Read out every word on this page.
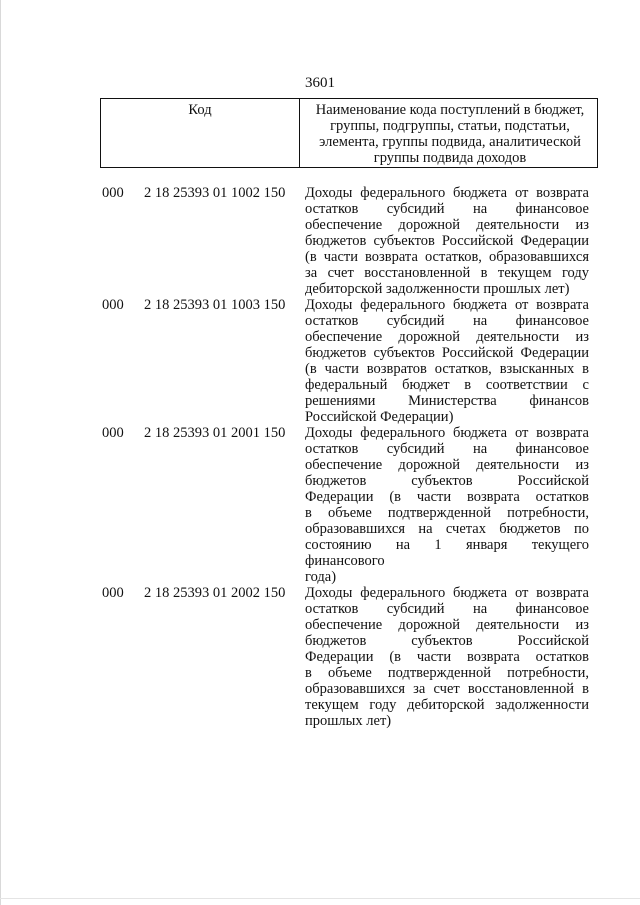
3601
Код	Наименование кода поступлений в бюджет, группы, подгруппы, статьи, подстатьи, элемента, группы подвида, аналитической группы подвида доходов
000 2 18 25393 01 1002 150 Доходы федерального бюджета от возврата
остатков субсидий на финансовое
обеспечение дорожной деятельности из
бюджетов субъектов Российской Федерации
(в части возврата остатков, образовавшихся
за счет восстановленной в текущем году
дебиторской задолженности прошлых лет)
000 2 18 25393 01 1003 150 Доходы федерального бюджета от возврата
остатков субсидий на финансовое
обеспечение дорожной деятельности из
бюджетов субъектов Российской Федерации
(в части возвратов остатков, взысканных в
федеральный бюджет в соответствии с
решениями Министерства финансов
Российской Федерации)
000 2 18 25393 01 2001 150 Доходы федерального бюджета от возврата
остатков субсидий на финансовое
обеспечение дорожной деятельности из
бюджетов субъектов Российской
Федерации (в части возврата остатков
в объеме подтвержденной потребности,
образовавшихся на счетах бюджетов по
состоянию на 1 января текущего финансового
года)
000 2 18 25393 01 2002 150 Доходы федерального бюджета от возврата
остатков субсидий на финансовое
обеспечение дорожной деятельности из
бюджетов субъектов Российской
Федерации (в части возврата остатков
в объеме подтвержденной потребности,
образовавшихся за счет восстановленной в
текущем году дебиторской задолженности
прошлых лет)
